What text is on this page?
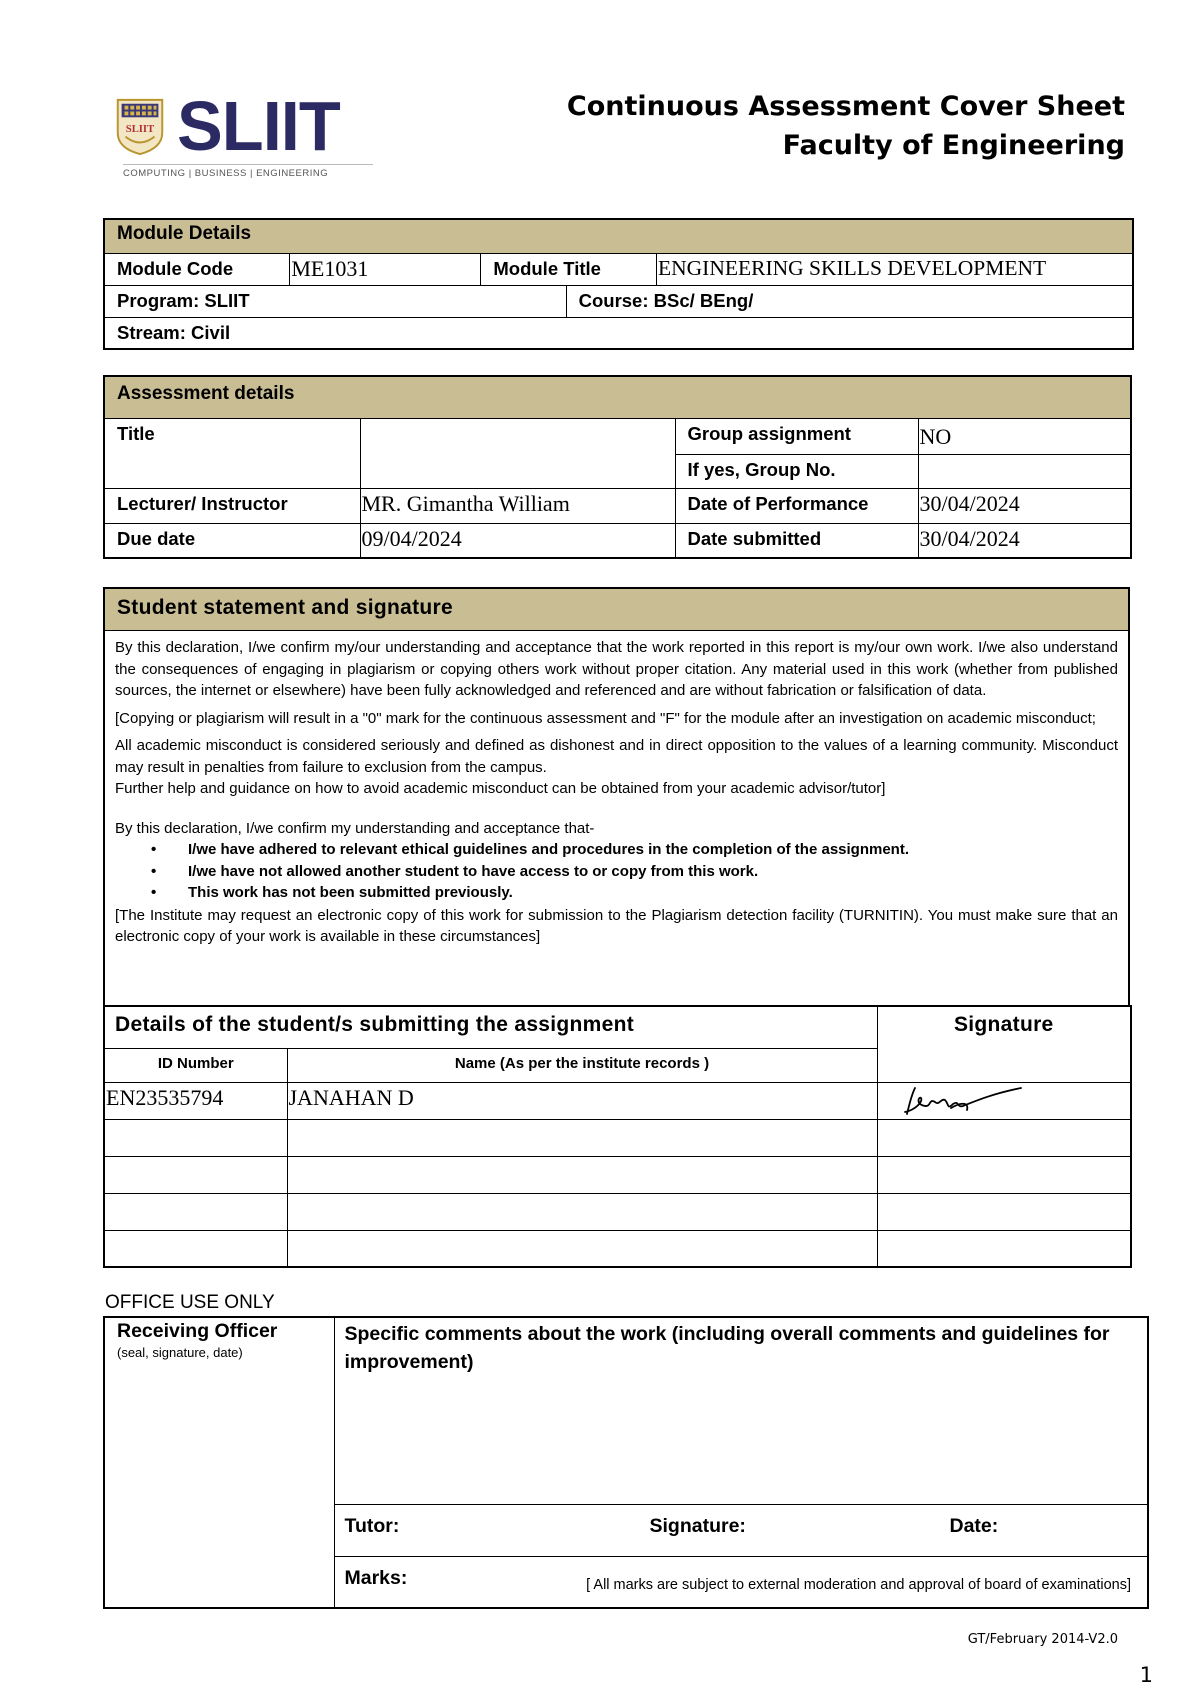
SLIIT SLIIT
COMPUTING | BUSINESS | ENGINEERING
Continuous Assessment Cover Sheet
Faculty of Engineering
Module Details				
Module Code	ME1031	Module Title		ENGINEERING SKILLS DEVELOPMENT
Program: SLIIT			Course: BSc/ BEng/	
Stream: Civil				
Assessment details			
Title		Group assignment	NO
		If yes, Group No.	
Lecturer/ Instructor	MR. Gimantha William	Date of Performance	30/04/2024
Due date	09/04/2024	Date submitted	30/04/2024
Student statement and signature

By this declaration, I/we confirm my/our understanding and acceptance that the work reported in this report is my/our own work. I/we also understand the consequences of engaging in plagiarism or copying others work without proper citation. Any material used in this work (whether from published sources, the internet or elsewhere) have been fully acknowledged and referenced and are without fabrication or falsification of data.

[Copying or plagiarism will result in a "0" mark for the continuous assessment and "F" for the module after an investigation on academic misconduct;

All academic misconduct is considered seriously and defined as dishonest and in direct opposition to the values of a learning community. Misconduct may result in penalties from failure to exclusion from the campus.

Further help and guidance on how to avoid academic misconduct can be obtained from your academic advisor/tutor]

By this declaration, I/we confirm my understanding and acceptance that-

• I/we have adhered to relevant ethical guidelines and procedures in the completion of the assignment.
• I/we have not allowed another student to have access to or copy from this work.
• This work has not been submitted previously.

[The Institute may request an electronic copy of this work for submission to the Plagiarism detection facility (TURNITIN). You must make sure that an electronic copy of your work is available in these circumstances]

Details of the student/s submitting the assignment		Signature
ID Number	Name (As per the institute records )	
EN23535794	JANAHAN D	

OFFICE USE ONLY
Receiving Officer
(seal, signature, date)
	Specific comments about the work (including overall comments and guidelines for improvement)
Tutor:	Signature:	Date:

Marks:	[ All marks are subject to external moderation and approval of board of examinations]
GT/February 2014-V2.0
1
